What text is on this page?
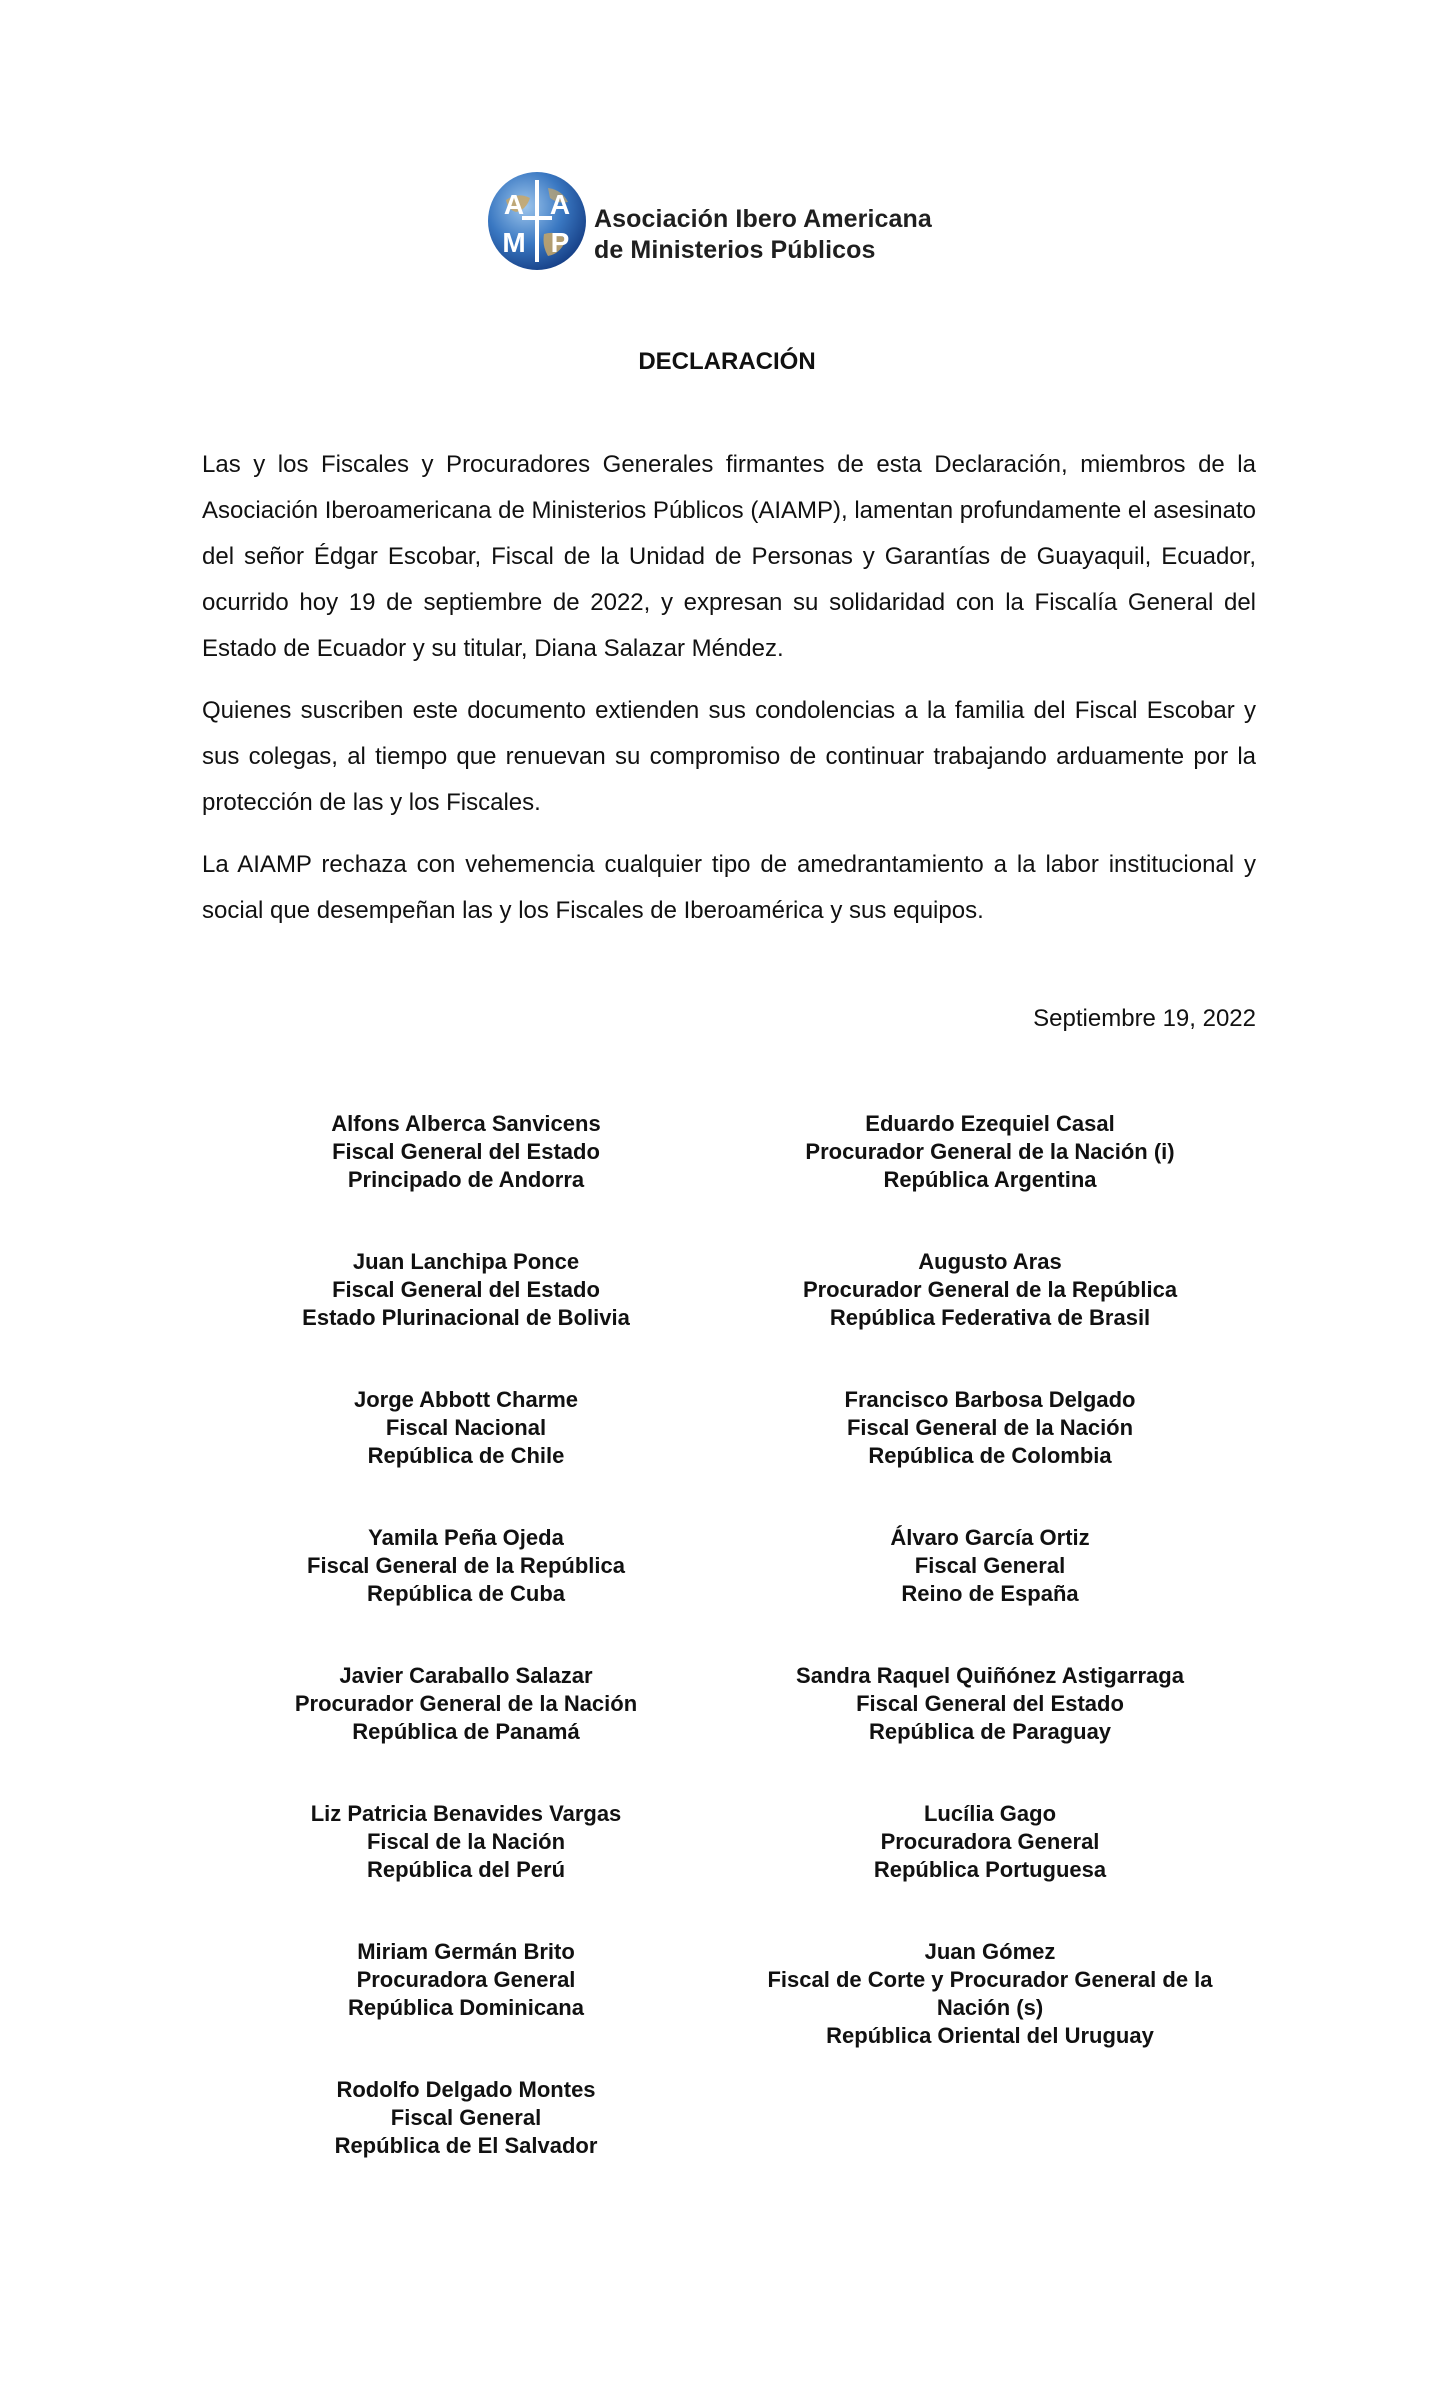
A A
M P
Asociación Ibero Americana
de Ministerios Públicos
DECLARACIÓN

Las y los Fiscales y Procuradores Generales firmantes de esta Declaración, miembros de la Asociación Iberoamericana de Ministerios Públicos (AIAMP), lamentan profundamente el asesinato del señor Édgar Escobar, Fiscal de la Unidad de Personas y Garantías de Guayaquil, Ecuador, ocurrido hoy 19 de septiembre de 2022, y expresan su solidaridad con la Fiscalía General del Estado de Ecuador y su titular, Diana Salazar Méndez.

Quienes suscriben este documento extienden sus condolencias a la familia del Fiscal Escobar y sus colegas, al tiempo que renuevan su compromiso de continuar trabajando arduamente por la protección de las y los Fiscales.

La AIAMP rechaza con vehemencia cualquier tipo de amedrantamiento a la labor institucional y social que desempeñan las y los Fiscales de Iberoamérica y sus equipos.

Septiembre 19, 2022
Alfons Alberca Sanvicens
Fiscal General del Estado
Principado de Andorra
Eduardo Ezequiel Casal
Procurador General de la Nación (i)
República Argentina
Juan Lanchipa Ponce
Fiscal General del Estado
Estado Plurinacional de Bolivia
Augusto Aras
Procurador General de la República
República Federativa de Brasil
Jorge Abbott Charme
Fiscal Nacional
República de Chile
Francisco Barbosa Delgado
Fiscal General de la Nación
República de Colombia
Yamila Peña Ojeda
Fiscal General de la República
República de Cuba
Álvaro García Ortiz
Fiscal General
Reino de España
Javier Caraballo Salazar
Procurador General de la Nación
República de Panamá
Sandra Raquel Quiñónez Astigarraga
Fiscal General del Estado
República de Paraguay
Liz Patricia Benavides Vargas
Fiscal de la Nación
República del Perú
Lucília Gago
Procuradora General
República Portuguesa
Miriam Germán Brito
Procuradora General
República Dominicana
Juan Gómez
Fiscal de Corte y Procurador General de la Nación (s)
República Oriental del Uruguay
Rodolfo Delgado Montes
Fiscal General
República de El Salvador
